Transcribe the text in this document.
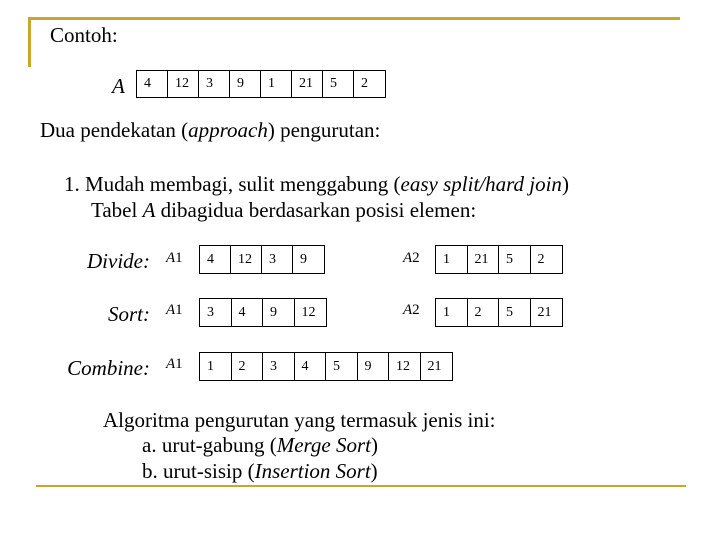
Contoh:
A	4	12	3	9	1	21	5	2
Dua pendekatan (approach) pengurutan:
1. Mudah membagi, sulit menggabung (easy split/hard join)
Tabel A dibagidua berdasarkan posisi elemen:
Divide: A1	4	12	3	9	A2	1	21	5	2
Sort: A1	3	4	9	12	A2	1	2	5	21
Combine: A1	1	2	3	4	5	9	12	21
Algoritma pengurutan yang termasuk jenis ini:
a. urut-gabung (Merge Sort)
b. urut-sisip (Insertion Sort)
